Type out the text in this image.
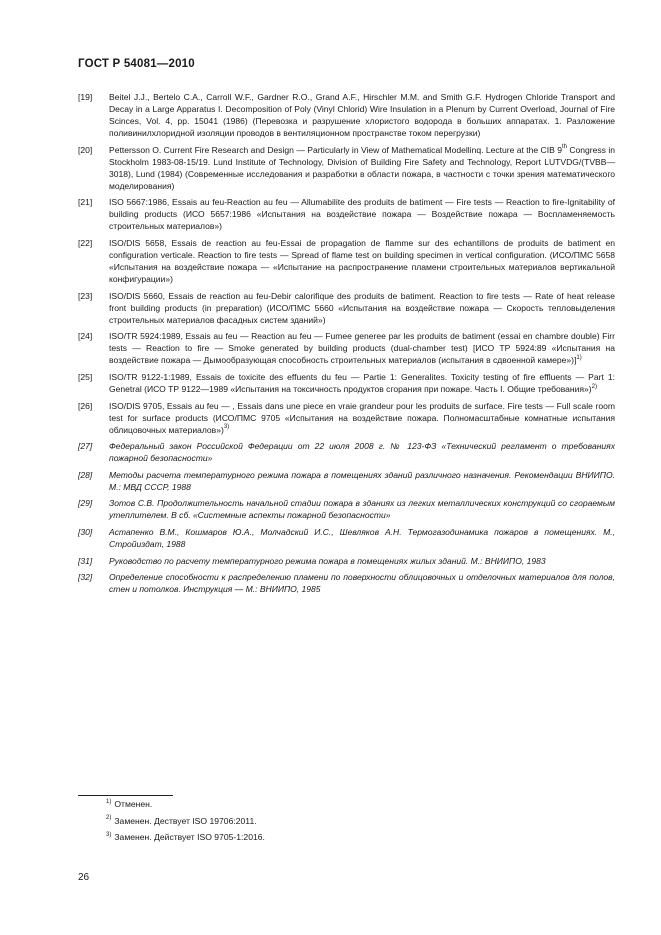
ГОСТ Р 54081—2010
[19]	Beitel J.J., Bertelo C.A., Carroll W.F., Gardner R.O., Grand A.F., Hirschler M.M. and Smith G.F. Hydrogen Chloride Transport and Decay in a Large Apparatus I. Decomposition of Poly (Vinyl Chlorid) Wire Insulation in a Plenum by Current Overload, Journal of Fire Scinces, Vol. 4, pp. 15041 (1986) (Перевозка и разрушение хлористого водорода в больших аппаратах. 1. Разложение поливинилхлоридной изоляции проводов в вентиляционном пространстве током перегрузки)
[20]	Pettersson O. Current Fire Research and Design — Particularly in View of Mathematical Modellinq. Lecture at the CIB 9th Congress in Stockholm 1983-08-15/19. Lund Institute of Technology, Division of Building Fire Safety and Technology, Report LUTVDG/(TVBB—3018), Lund (1984) (Современные исследования и разработки в области пожара, в частности с точки зрения математического моделирования)
[21]	ISO 5667:1986, Essais au feu-Reaction au feu — Allumabilite des produits de batiment — Fire tests — Reaction to fire-Ignitability of building products (ИСО 5657:1986 «Испытания на воздействие пожара — Воздействие пожара — Воспламеняемость строительных материалов»)
[22]	ISO/DIS 5658, Essais de reaction au feu-Essai de propagation de flamme sur des echantillons de produits de batiment en configuration verticale. Reaction to fire tests — Spread of flame test on building specimen in vertical configuration. (ИСО/ПМС 5658 «Испытания на воздействие пожара — «Испытание на распространение пламени строительных материалов вертикальной конфигурации»)
[23]	ISO/DIS 5660, Essais de reaction au feu-Debir calorifique des produits de batiment. Reaction to fire tests — Rate of heat release front building products (in preparation) (ИСО/ПМС 5660 «Испытания на воздействие пожара — Скорость тепловыделения строительных материалов фасадных систем зданий»)
[24]	ISO/TR 5924:1989, Essais au feu — Reaction au feu — Fumee generee par les produits de batiment (essai en chambre double) Firr tests — Reaction to fire — Smoke generated by building products (dual-chamber test) [ИСО ТР 5924:89 «Испытания на воздействие пожара — Дымообразующая способность строительных материалов (испытания в сдвоенной камере»)]$^{1)}$
[25]	ISO/TR 9122-1:1989, Essais de toxicite des effuents du feu — Partie 1: Generalites. Toxicity testing of fire effluents — Part 1: Genetral (ИСО ТР 9122—1989 «Испытания на токсичность продуктов сгорания при пожаре. Часть I. Общие требования»)$^{2)}$
[26]	ISO/DIS 9705, Essais au feu — , Essais dans une piece en vraie grandeur pour les produits de surface. Fire tests — Full scale room test for surface products (ИСО/ПМС 9705 «Испытания на воздействие пожара. Полномасштабные комнатные испытания облицовочных материалов»)$^{3)}$
[27]	Федеральный закон Российской Федерации от 22 июля 2008 г. № 123-ФЗ «Технический регламент о требованиях пожарной безопасности»
[28]	Методы расчета температурного режима пожара в помещениях зданий различного назначения. Рекомендации ВНИИПО. М.: МВД СССР, 1988
[29]	Зотов С.В. Продолжительность начальной стадии пожара в зданиях из легких металлических конструкций со сгораемым утеплителем. В сб. «Системные аспекты пожарной безопасности»
[30]	Астапенко В.М., Кошмаров Ю.А., Молчадский И.С., Шевляков А.Н. Термогазодинамика пожаров в помещениях. М., Стройиздат, 1988
[31]	Руководство по расчету температурного режима пожара в помещениях жилых зданий. М.: ВНИИПО, 1983
[32]	Определение способности к распределению пламени по поверхности облицовочных и отделочных материалов для полов, стен и потолков. Инструкция — М.: ВНИИПО, 1985
$^{1)}$ Отменен.
$^{2)}$ Заменен. Дествует ISO 19706:2011.
$^{3)}$ Заменен. Действует ISO 9705-1:2016.
26
